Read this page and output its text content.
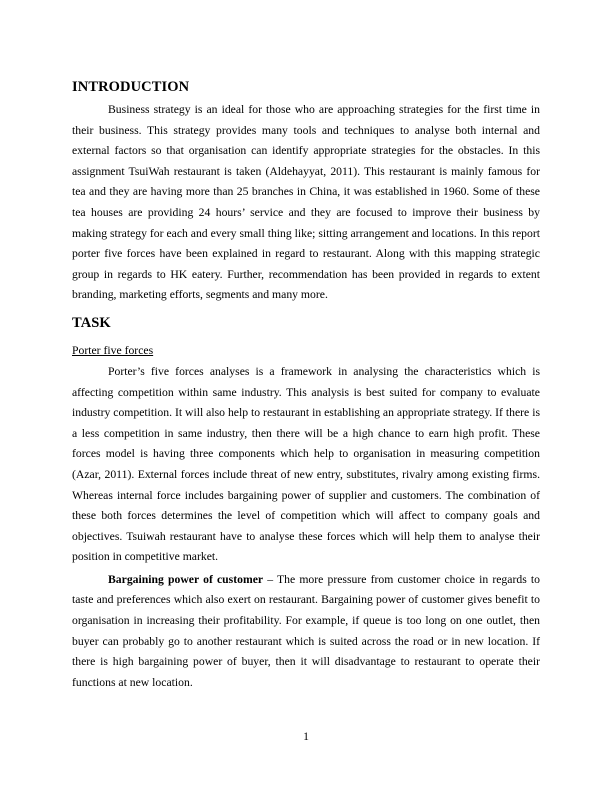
INTRODUCTION

Business strategy is an ideal for those who are approaching strategies for the first time in their business. This strategy provides many tools and techniques to analyse both internal and external factors so that organisation can identify appropriate strategies for the obstacles. In this assignment TsuiWah restaurant is taken (Aldehayyat, 2011). This restaurant is mainly famous for tea and they are having more than 25 branches in China, it was established in 1960. Some of these tea houses are providing 24 hours’ service and they are focused to improve their business by making strategy for each and every small thing like; sitting arrangement and locations. In this report porter five forces have been explained in regard to restaurant. Along with this mapping strategic group in regards to HK eatery. Further, recommendation has been provided in regards to extent branding, marketing efforts, segments and many more.

TASK
Porter five forces

Porter’s five forces analyses is a framework in analysing the characteristics which is affecting competition within same industry. This analysis is best suited for company to evaluate industry competition. It will also help to restaurant in establishing an appropriate strategy. If there is a less competition in same industry, then there will be a high chance to earn high profit. These forces model is having three components which help to organisation in measuring competition (Azar, 2011). External forces include threat of new entry, substitutes, rivalry among existing firms. Whereas internal force includes bargaining power of supplier and customers. The combination of these both forces determines the level of competition which will affect to company goals and objectives. Tsuiwah restaurant have to analyse these forces which will help them to analyse their position in competitive market.

Bargaining power of customer – The more pressure from customer choice in regards to taste and preferences which also exert on restaurant. Bargaining power of customer gives benefit to organisation in increasing their profitability. For example, if queue is too long on one outlet, then buyer can probably go to another restaurant which is suited across the road or in new location. If there is high bargaining power of buyer, then it will disadvantage to restaurant to operate their functions at new location.

1
